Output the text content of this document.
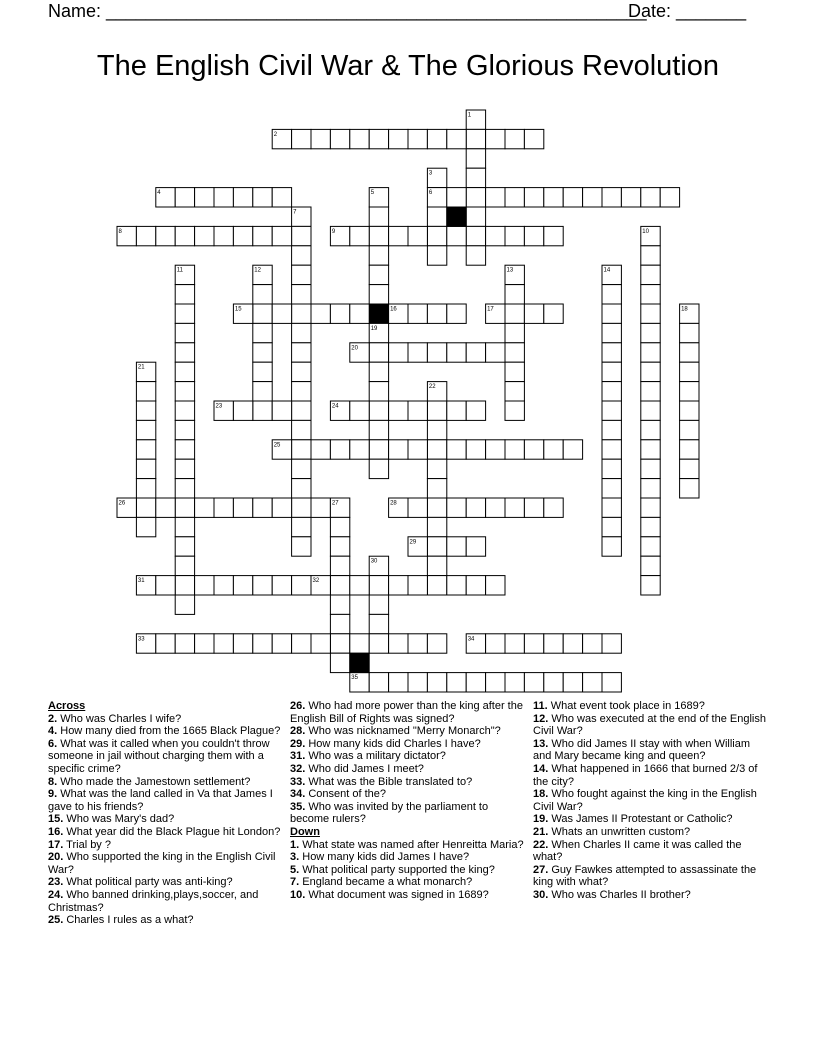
Name: ______________________________________________________
Date: _______
The English Civil War & The Glorious Revolution
1
2
3
4	5	6
7
8	9	10
11	12	13	14
15	16	17	18
19
20
21
22
23	24
25
26	27	28
29
30
31	32
33	34
35
Across
2. Who was Charles I wife?
4. How many died from the 1665 Black Plague?
6. What was it called when you couldn't throw someone in jail without charging them with a specific crime?
8. Who made the Jamestown settlement?
9. What was the land called in Va that James I gave to his friends?
15. Who was Mary's dad?
16. What year did the Black Plague hit London?
17. Trial by ?
20. Who supported the king in the English Civil War?
23. What political party was anti-king?
24. Who banned drinking,plays,soccer, and Christmas?
25. Charles I rules as a what?
26. Who had more power than the king after the English Bill of Rights was signed?
28. Who was nicknamed "Merry Monarch"?
29. How many kids did Charles I have?
31. Who was a military dictator?
32. Who did James I meet?
33. What was the Bible translated to?
34. Consent of the?
35. Who was invited by the parliament to become rulers?
Down
1. What state was named after Henreitta Maria?
3. How many kids did James I have?
5. What political party supported the king?
7. England became a what monarch?
10. What document was signed in 1689?
11. What event took place in 1689?
12. Who was executed at the end of the English Civil War?
13. Who did James II stay with when William and Mary became king and queen?
14. What happened in 1666 that burned 2/3 of the city?
18. Who fought against the king in the English Civil War?
19. Was James II Protestant or Catholic?
21. Whats an unwritten custom?
22. When Charles II came it was called the what?
27. Guy Fawkes attempted to assassinate the king with what?
30. Who was Charles II brother?
